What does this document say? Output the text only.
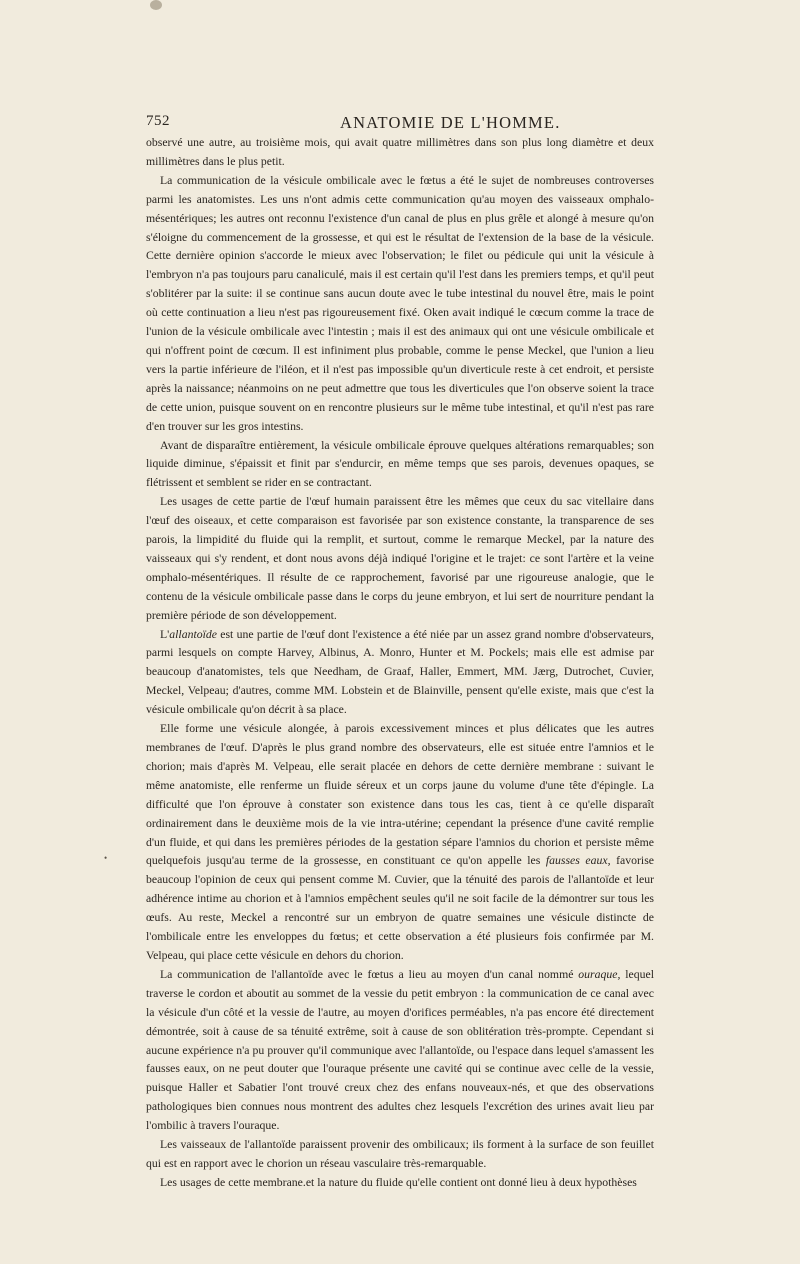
752	ANATOMIE DE L'HOMME.

observé une autre, au troisième mois, qui avait quatre millimètres dans son plus long diamètre et deux millimètres dans le plus petit.

La communication de la vésicule ombilicale avec le fœtus a été le sujet de nombreuses controverses parmi les anatomistes. Les uns n'ont admis cette communication qu'au moyen des vaisseaux omphalo-mésentériques; les autres ont reconnu l'existence d'un canal de plus en plus grêle et alongé à mesure qu'on s'éloigne du commencement de la grossesse, et qui est le résultat de l'extension de la base de la vésicule. Cette dernière opinion s'accorde le mieux avec l'observation; le filet ou pédicule qui unit la vésicule à l'embryon n'a pas toujours paru canaliculé, mais il est certain qu'il l'est dans les premiers temps, et qu'il peut s'oblitérer par la suite: il se continue sans aucun doute avec le tube intestinal du nouvel être, mais le point où cette continuation a lieu n'est pas rigoureusement fixé. Oken avait indiqué le cœcum comme la trace de l'union de la vésicule ombilicale avec l'intestin ; mais il est des animaux qui ont une vésicule ombilicale et qui n'offrent point de cœcum. Il est infiniment plus probable, comme le pense Meckel, que l'union a lieu vers la partie inférieure de l'iléon, et il n'est pas impossible qu'un diverticule reste à cet endroit, et persiste après la naissance; néanmoins on ne peut admettre que tous les diverticules que l'on observe soient la trace de cette union, puisque souvent on en rencontre plusieurs sur le même tube intestinal, et qu'il n'est pas rare d'en trouver sur les gros intestins.

Avant de disparaître entièrement, la vésicule ombilicale éprouve quelques altérations remarquables; son liquide diminue, s'épaissit et finit par s'endurcir, en même temps que ses parois, devenues opaques, se flétrissent et semblent se rider en se contractant.

Les usages de cette partie de l'œuf humain paraissent être les mêmes que ceux du sac vitellaire dans l'œuf des oiseaux, et cette comparaison est favorisée par son existence constante, la transparence de ses parois, la limpidité du fluide qui la remplit, et surtout, comme le remarque Meckel, par la nature des vaisseaux qui s'y rendent, et dont nous avons déjà indiqué l'origine et le trajet: ce sont l'artère et la veine omphalo-mésentériques. Il résulte de ce rapprochement, favorisé par une rigoureuse analogie, que le contenu de la vésicule ombilicale passe dans le corps du jeune embryon, et lui sert de nourriture pendant la première période de son développement.

L'allantoïde est une partie de l'œuf dont l'existence a été niée par un assez grand nombre d'observateurs, parmi lesquels on compte Harvey, Albinus, A. Monro, Hunter et M. Pockels; mais elle est admise par beaucoup d'anatomistes, tels que Needham, de Graaf, Haller, Emmert, MM. Jærg, Dutrochet, Cuvier, Meckel, Velpeau; d'autres, comme MM. Lobstein et de Blainville, pensent qu'elle existe, mais que c'est la vésicule ombilicale qu'on décrit à sa place.

Elle forme une vésicule alongée, à parois excessivement minces et plus délicates que les autres membranes de l'œuf. D'après le plus grand nombre des observateurs, elle est située entre l'amnios et le chorion; mais d'après M. Velpeau, elle serait placée en dehors de cette dernière membrane : suivant le même anatomiste, elle renferme un fluide séreux et un corps jaune du volume d'une tête d'épingle. La difficulté que l'on éprouve à constater son existence dans tous les cas, tient à ce qu'elle disparaît ordinairement dans le deuxième mois de la vie intra-utérine; cependant la présence d'une cavité remplie d'un fluide, et qui dans les premières périodes de la gestation sépare l'amnios du chorion et persiste même quelquefois jusqu'au terme de la grossesse, en constituant ce qu'on appelle les fausses eaux, favorise beaucoup l'opinion de ceux qui pensent comme M. Cuvier, que la ténuité des parois de l'allantoïde et leur adhérence intime au chorion et à l'amnios empêchent seules qu'il ne soit facile de la démontrer sur tous les œufs. Au reste, Meckel a rencontré sur un embryon de quatre semaines une vésicule distincte de l'ombilicale entre les enveloppes du fœtus; et cette observation a été plusieurs fois confirmée par M. Velpeau, qui place cette vésicule en dehors du chorion.

La communication de l'allantoïde avec le fœtus a lieu au moyen d'un canal nommé ouraque, lequel traverse le cordon et aboutit au sommet de la vessie du petit embryon : la communication de ce canal avec la vésicule d'un côté et la vessie de l'autre, au moyen d'orifices perméables, n'a pas encore été directement démontrée, soit à cause de sa ténuité extrême, soit à cause de son oblitération très-prompte. Cependant si aucune expérience n'a pu prouver qu'il communique avec l'allantoïde, ou l'espace dans lequel s'amassent les fausses eaux, on ne peut douter que l'ouraque présente une cavité qui se continue avec celle de la vessie, puisque Haller et Sabatier l'ont trouvé creux chez des enfans nouveaux-nés, et que des observations pathologiques bien connues nous montrent des adultes chez lesquels l'excrétion des urines avait lieu par l'ombilic à travers l'ouraque.

Les vaisseaux de l'allantoïde paraissent provenir des ombilicaux; ils forment à la surface de son feuillet qui est en rapport avec le chorion un réseau vasculaire très-remarquable.

Les usages de cette membrane.et la nature du fluide qu'elle contient ont donné lieu à deux hypothèses

•
